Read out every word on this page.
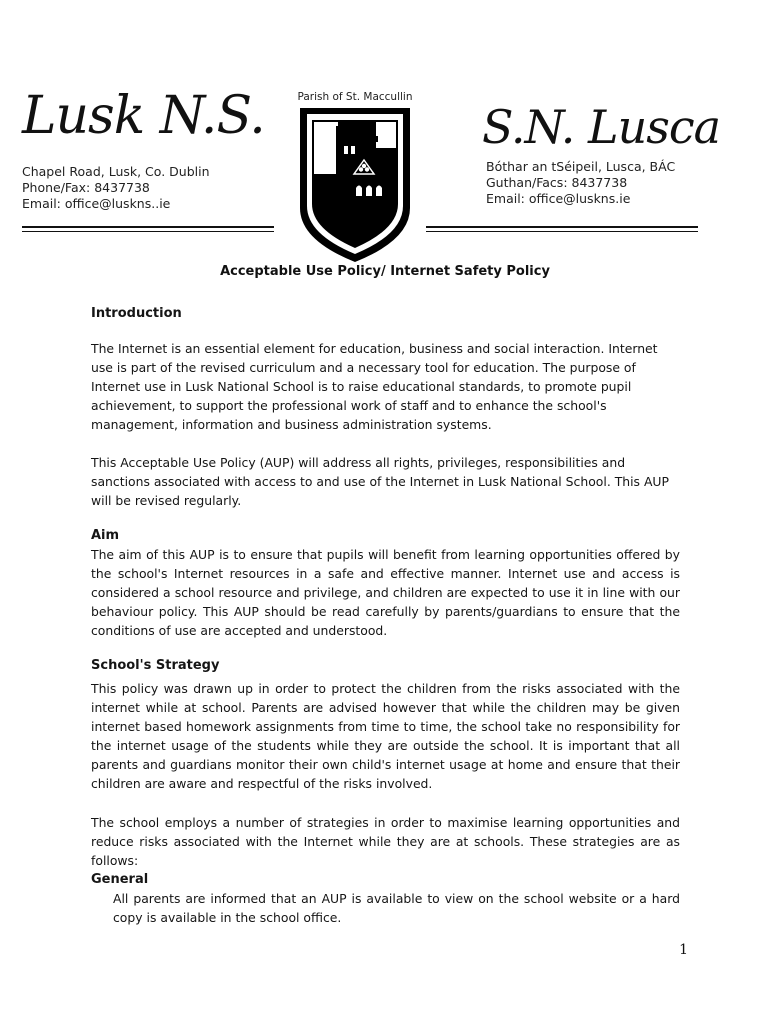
Lusk N.S.
Chapel Road, Lusk, Co. Dublin
Phone/Fax: 8437738
Email: office@luskns..ie
Parish of St. Maccullin
S.N. Lusca
Bóthar an tSéipeil, Lusca, BÁC
Guthan/Facs: 8437738
Email: office@luskns.ie
Acceptable Use Policy/ Internet Safety Policy

Introduction

The Internet is an essential element for education, business and social interaction. Internet use is part of the revised curriculum and a necessary tool for education. The purpose of Internet use in Lusk National School is to raise educational standards, to promote pupil achievement, to support the professional work of staff and to enhance the school's management, information and business administration systems.

This Acceptable Use Policy (AUP) will address all rights, privileges, responsibilities and sanctions associated with access to and use of the Internet in Lusk National School. This AUP will be revised regularly.

Aim

The aim of this AUP is to ensure that pupils will benefit from learning opportunities offered by the school's Internet resources in a safe and effective manner. Internet use and access is considered a school resource and privilege, and children are expected to use it in line with our behaviour policy. This AUP should be read carefully by parents/guardians to ensure that the conditions of use are accepted and understood.

School's Strategy

This policy was drawn up in order to protect the children from the risks associated with the internet while at school. Parents are advised however that while the children may be given internet based homework assignments from time to time, the school take no responsibility for the internet usage of the students while they are outside the school. It is important that all parents and guardians monitor their own child's internet usage at home and ensure that their children are aware and respectful of the risks involved.

The school employs a number of strategies in order to maximise learning opportunities and reduce risks associated with the Internet while they are at schools. These strategies are as follows:

General

All parents are informed that an AUP is available to view on the school website or a hard copy is available in the school office.

1
